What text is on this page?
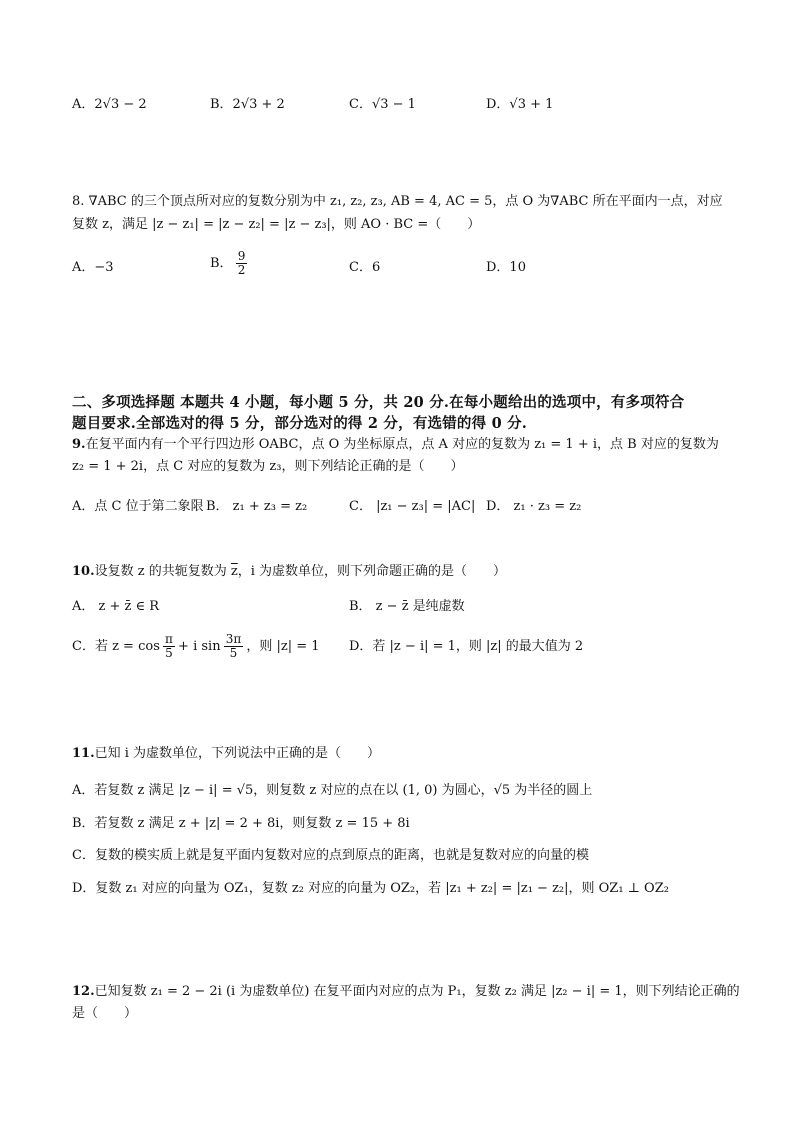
A．2√3 − 2	B．2√3 + 2	C．√3 − 1	D．√3 + 1
8. ∇ABC 的三个顶点所对应的复数分别为中 z₁, z₂, z₃, AB = 4, AC = 5，点 O 为∇ABC 所在平面内一点，对应
复数 z，满足 |z − z₁| = |z − z₂| = |z − z₃|，则 AO · BC =（　　）
A．−3	B． $\frac{9}{2}$	C．6	D．10
二、多项选择题 本题共 4 小题，每小题 5 分，共 20 分.在每小题给出的选项中，有多项符合
题目要求.全部选对的得 5 分，部分选对的得 2 分，有选错的得 0 分.
9.在复平面内有一个平行四边形 OABC，点 O 为坐标原点，点 A 对应的复数为 z₁ = 1 + i，点 B 对应的复数为
z₂ = 1 + 2i，点 C 对应的复数为 z₃，则下列结论正确的是（　　）
A．点 C 位于第二象限 B． z₁ + z₃ = z₂	C． |z₁ − z₃| = |AC| D． z₁ · z₃ = z₂
10.设复数 z 的共轭复数为 $\overline{z}$，i 为虚数单位，则下列命题正确的是（　　）
A． z + z̄ ∈ R	B． z − z̄ 是纯虚数
C．若 $z = \cos \frac{\pi}{5} + i$ $\sin \frac{3\pi}{5}$ ，则 |z| = 1 D．若 |z − i| = 1，则 |z| 的最大值为 2
11.已知 i 为虚数单位，下列说法中正确的是（　　）
A．若复数 z 满足 |z − i| = √5，则复数 z 对应的点在以 (1, 0) 为圆心，√5 为半径的圆上
B．若复数 z 满足 z + |z| = 2 + 8i，则复数 z = 15 + 8i
C．复数的模实质上就是复平面内复数对应的点到原点的距离，也就是复数对应的向量的模
D．复数 z₁ 对应的向量为 OZ₁，复数 z₂ 对应的向量为 OZ₂，若 |z₁ + z₂| = |z₁ − z₂|，则 OZ₁ ⊥ OZ₂
12.已知复数 z₁ = 2 − 2i (i 为虚数单位) 在复平面内对应的点为 P₁，复数 z₂ 满足 |z₂ − i| = 1，则下列结论正确的
是（　　）
